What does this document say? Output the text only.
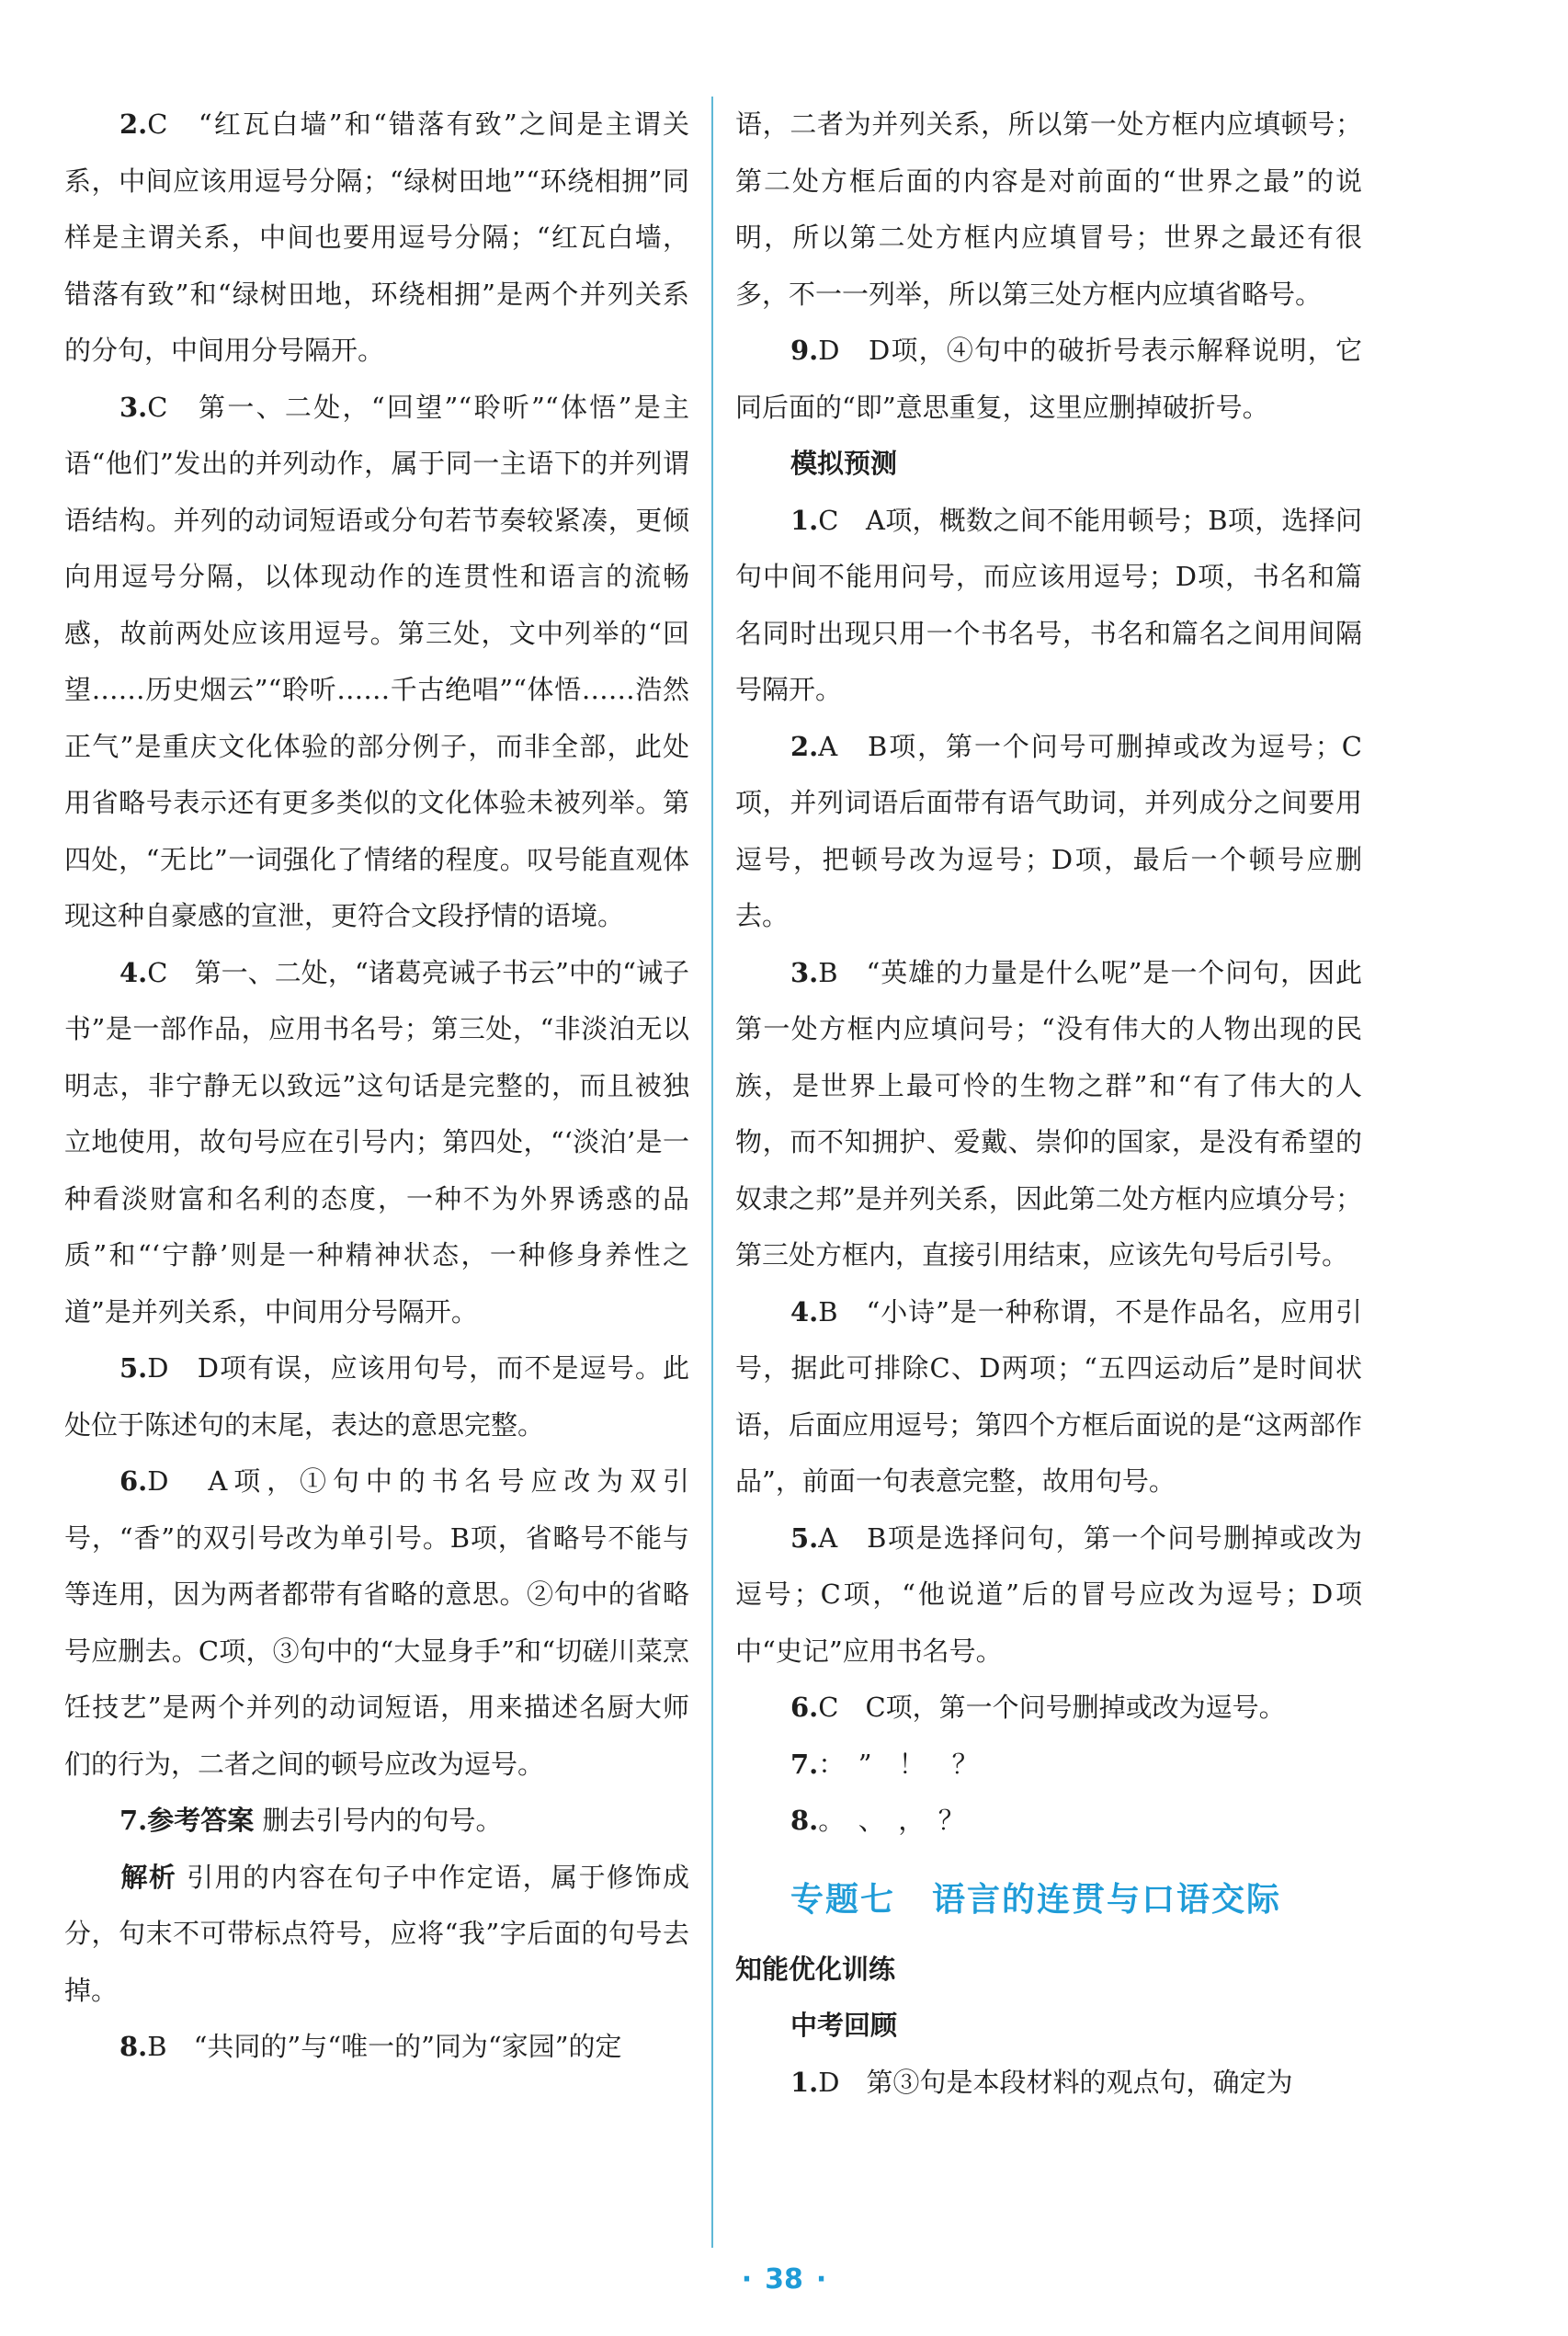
2.C　“红瓦白墙”和“错落有致”之间是主谓关系，中间应该用逗号分隔；“绿树田地”“环绕相拥”同样是主谓关系，中间也要用逗号分隔；“红瓦白墙，错落有致”和“绿树田地，环绕相拥”是两个并列关系的分句，中间用分号隔开。

3.C　第一、二处，“回望”“聆听”“体悟”是主语“他们”发出的并列动作，属于同一主语下的并列谓语结构。并列的动词短语或分句若节奏较紧凑，更倾向用逗号分隔，以体现动作的连贯性和语言的流畅感，故前两处应该用逗号。第三处，文中列举的“回望……历史烟云”“聆听……千古绝唱”“体悟……浩然正气”是重庆文化体验的部分例子，而非全部，此处用省略号表示还有更多类似的文化体验未被列举。第四处，“无比”一词强化了情绪的程度。叹号能直观体现这种自豪感的宣泄，更符合文段抒情的语境。

4.C　第一、二处，“诸葛亮诫子书云”中的“诫子书”是一部作品，应用书名号；第三处，“非淡泊无以明志，非宁静无以致远”这句话是完整的，而且被独立地使用，故句号应在引号内；第四处，“‘淡泊’是一种看淡财富和名利的态度，一种不为外界诱惑的品质”和“‘宁静’则是一种精神状态，一种修身养性之道”是并列关系，中间用分号隔开。

5.D　D项有误，应该用句号，而不是逗号。此处位于陈述句的末尾，表达的意思完整。

6.D　A项，①句中的书名号应改为双引号，“香”的双引号改为单引号。B项，省略号不能与等连用，因为两者都带有省略的意思。②句中的省略号应删去。C项，③句中的“大显身手”和“切磋川菜烹饪技艺”是两个并列的动词短语，用来描述名厨大师们的行为，二者之间的顿号应改为逗号。

7.参考答案 删去引号内的句号。

解析 引用的内容在句子中作定语，属于修饰成分，句末不可带标点符号，应将“我”字后面的句号去掉。

8.B　“共同的”与“唯一的”同为“家园”的定

语，二者为并列关系，所以第一处方框内应填顿号；第二处方框后面的内容是对前面的“世界之最”的说明，所以第二处方框内应填冒号；世界之最还有很多，不一一列举，所以第三处方框内应填省略号。

9.D　D项，④句中的破折号表示解释说明，它同后面的“即”意思重复，这里应删掉破折号。

模拟预测

1.C　A项，概数之间不能用顿号；B项，选择问句中间不能用问号，而应该用逗号；D项，书名和篇名同时出现只用一个书名号，书名和篇名之间用间隔号隔开。

2.A　B项，第一个问号可删掉或改为逗号；C项，并列词语后面带有语气助词，并列成分之间要用逗号，把顿号改为逗号；D项，最后一个顿号应删去。

3.B　“英雄的力量是什么呢”是一个问句，因此第一处方框内应填问号；“没有伟大的人物出现的民族，是世界上最可怜的生物之群”和“有了伟大的人物，而不知拥护、爱戴、崇仰的国家，是没有希望的奴隶之邦”是并列关系，因此第二处方框内应填分号；第三处方框内，直接引用结束，应该先句号后引号。

4.B　“小诗”是一种称谓，不是作品名，应用引号，据此可排除C、D两项；“五四运动后”是时间状语，后面应用逗号；第四个方框后面说的是“这两部作品”，前面一句表意完整，故用句号。

5.A　B项是选择问句，第一个问号删掉或改为逗号；C项，“他说道”后的冒号应改为逗号；D项中“史记”应用书名号。

6.C　C项，第一个问号删掉或改为逗号。

7.：　”　！　？

8.。　、　，　？

专题七 语言的连贯与口语交际

知能优化训练

中考回顾

1.D　第③句是本段材料的观点句，确定为

· 38 ·
